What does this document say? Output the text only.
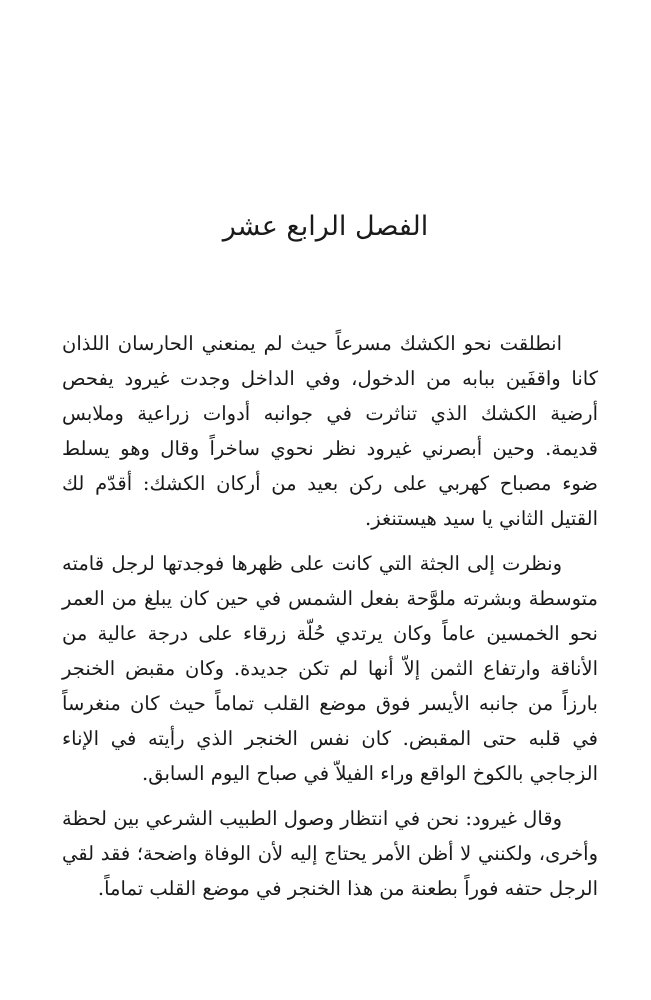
الفصل الرابع عشر

انطلقت نحو الكشك مسرعاً حيث لم يمنعني الحارسان اللذان كانا واقفَين ببابه من الدخول، وفي الداخل وجدت غيرود يفحص أرضية الكشك الذي تناثرت في جوانبه أدوات زراعية وملابس قديمة. وحين أبصرني غيرود نظر نحوي ساخراً وقال وهو يسلط ضوء مصباح كهربي على ركن بعيد من أركان الكشك: أقدّم لك القتيل الثاني يا سيد هيستنغز.

ونظرت إلى الجثة التي كانت على ظهرها فوجدتها لرجل قامته متوسطة وبشرته ملوَّحة بفعل الشمس في حين كان يبلغ من العمر نحو الخمسين عاماً وكان يرتدي حُلّة زرقاء على درجة عالية من الأناقة وارتفاع الثمن إلاّ أنها لم تكن جديدة. وكان مقبض الخنجر بارزاً من جانبه الأيسر فوق موضع القلب تماماً حيث كان منغرساً في قلبه حتى المقبض. كان نفس الخنجر الذي رأيته في الإناء الزجاجي بالكوخ الواقع وراء الفيلاّ في صباح اليوم السابق.

وقال غيرود: نحن في انتظار وصول الطبيب الشرعي بين لحظة وأخرى، ولكنني لا أظن الأمر يحتاج إليه لأن الوفاة واضحة؛ فقد لقي الرجل حتفه فوراً بطعنة من هذا الخنجر في موضع القلب تماماً.
